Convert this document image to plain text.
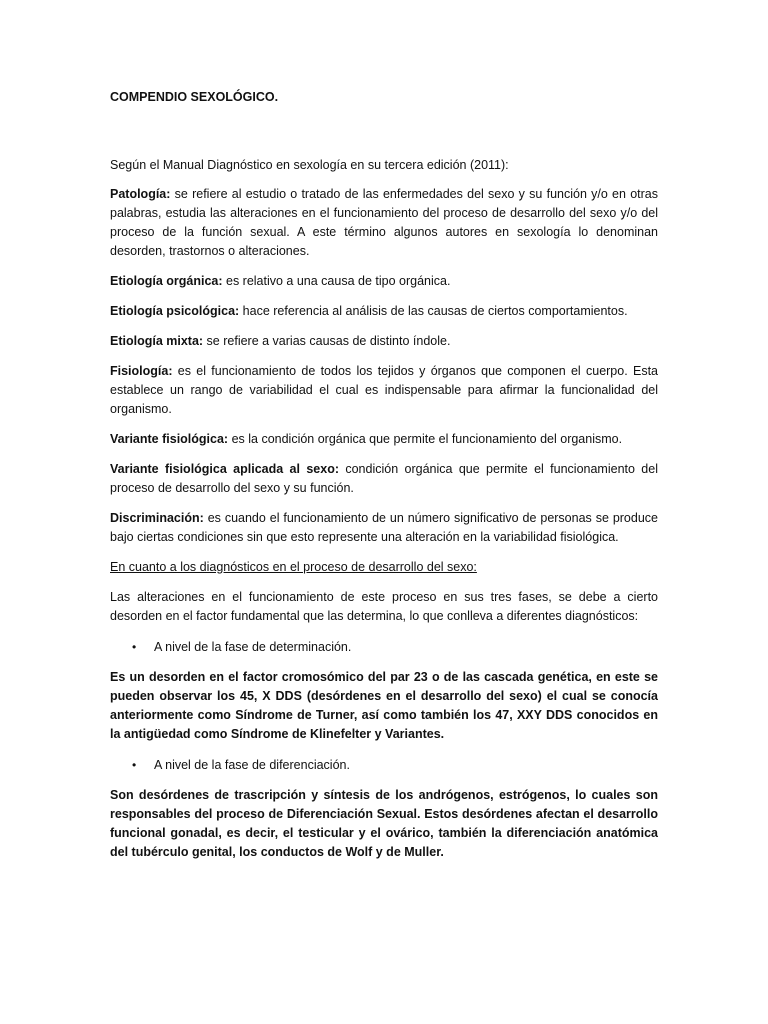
COMPENDIO SEXOLÓGICO.

Según el Manual Diagnóstico en sexología en su tercera edición (2011):

Patología: se refiere al estudio o tratado de las enfermedades del sexo y su función y/o en otras palabras, estudia las alteraciones en el funcionamiento del proceso de desarrollo del sexo y/o del proceso de la función sexual. A este término algunos autores en sexología lo denominan desorden, trastornos o alteraciones.

Etiología orgánica: es relativo a una causa de tipo orgánica.

Etiología psicológica: hace referencia al análisis de las causas de ciertos comportamientos.

Etiología mixta: se refiere a varias causas de distinto índole.

Fisiología: es el funcionamiento de todos los tejidos y órganos que componen el cuerpo. Esta establece un rango de variabilidad el cual es indispensable para afirmar la funcionalidad del organismo.

Variante fisiológica: es la condición orgánica que permite el funcionamiento del organismo.

Variante fisiológica aplicada al sexo: condición orgánica que permite el funcionamiento del proceso de desarrollo del sexo y su función.

Discriminación: es cuando el funcionamiento de un número significativo de personas se produce bajo ciertas condiciones sin que esto represente una alteración en la variabilidad fisiológica.

En cuanto a los diagnósticos en el proceso de desarrollo del sexo:

Las alteraciones en el funcionamiento de este proceso en sus tres fases, se debe a cierto desorden en el factor fundamental que las determina, lo que conlleva a diferentes diagnósticos:

•	A nivel de la fase de determinación.

Es un desorden en el factor cromosómico del par 23 o de las cascada genética, en este se pueden observar los 45, X DDS (desórdenes en el desarrollo del sexo) el cual se conocía anteriormente como Síndrome de Turner, así como también los 47, XXY DDS conocidos en la antigüedad como Síndrome de Klinefelter y Variantes.

•	A nivel de la fase de diferenciación.

Son desórdenes de trascripción y síntesis de los andrógenos, estrógenos, lo cuales son responsables del proceso de Diferenciación Sexual. Estos desórdenes afectan el desarrollo funcional gonadal, es decir, el testicular y el ovárico, también la diferenciación anatómica del tubérculo genital, los conductos de Wolf y de Muller.
